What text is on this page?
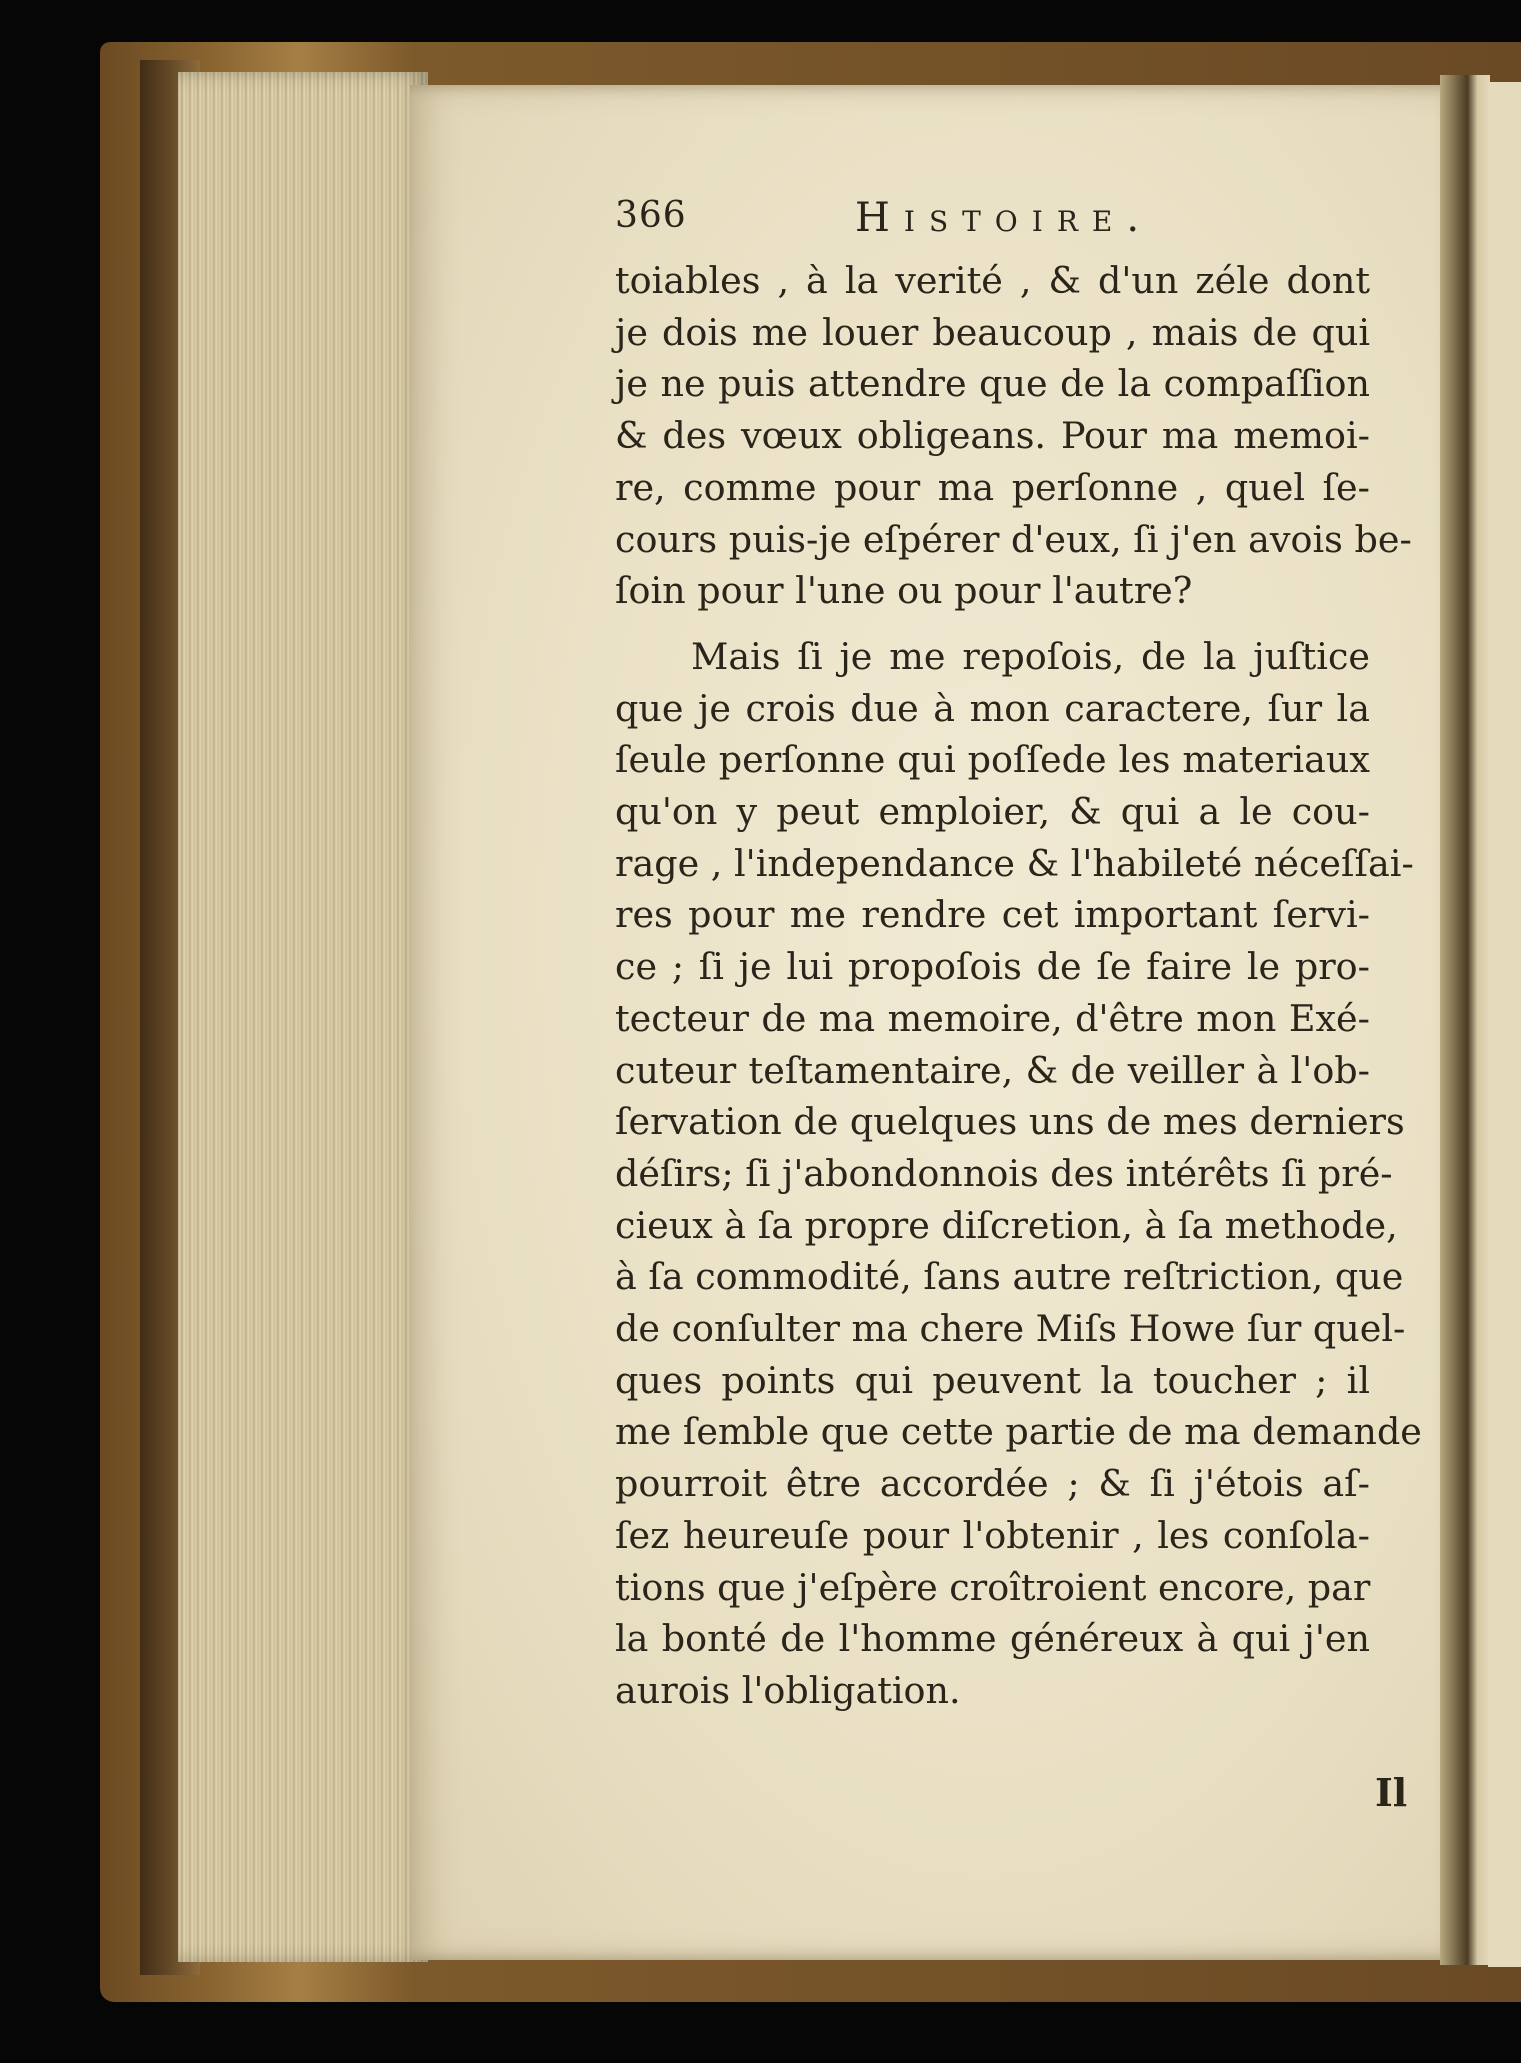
366	Histoire.

toiables , à la verité , & d'un zéle dont
je dois me louer beaucoup , mais de qui
je ne puis attendre que de la compaſſion
& des vœux obligeans. Pour ma memoi-
re, comme pour ma perſonne , quel ſe-
cours puis-je eſpérer d'eux, ſi j'en avois be-
ſoin pour l'une ou pour l'autre?

Mais ſi je me repoſois, de la juſtice
que je crois due à mon caractere, ſur la
ſeule perſonne qui poſſede les materiaux
qu'on y peut emploier, & qui a le cou-
rage , l'independance & l'habileté néceſſai-
res pour me rendre cet important ſervi-
ce ; ſi je lui propoſois de ſe faire le pro-
tecteur de ma memoire, d'être mon Exé-
cuteur teſtamentaire, & de veiller à l'ob-
ſervation de quelques uns de mes derniers
déſirs; ſi j'abondonnois des intérêts ſi pré-
cieux à ſa propre diſcretion, à ſa methode,
à ſa commodité, ſans autre reſtriction, que
de conſulter ma chere Miſs Howe ſur quel-
ques points qui peuvent la toucher ; il
me ſemble que cette partie de ma demande
pourroit être accordée ; & ſi j'étois aſ-
ſez heureuſe pour l'obtenir , les conſola-
tions que j'eſpère croîtroient encore, par
la bonté de l'homme généreux à qui j'en
aurois l'obligation.

Il
